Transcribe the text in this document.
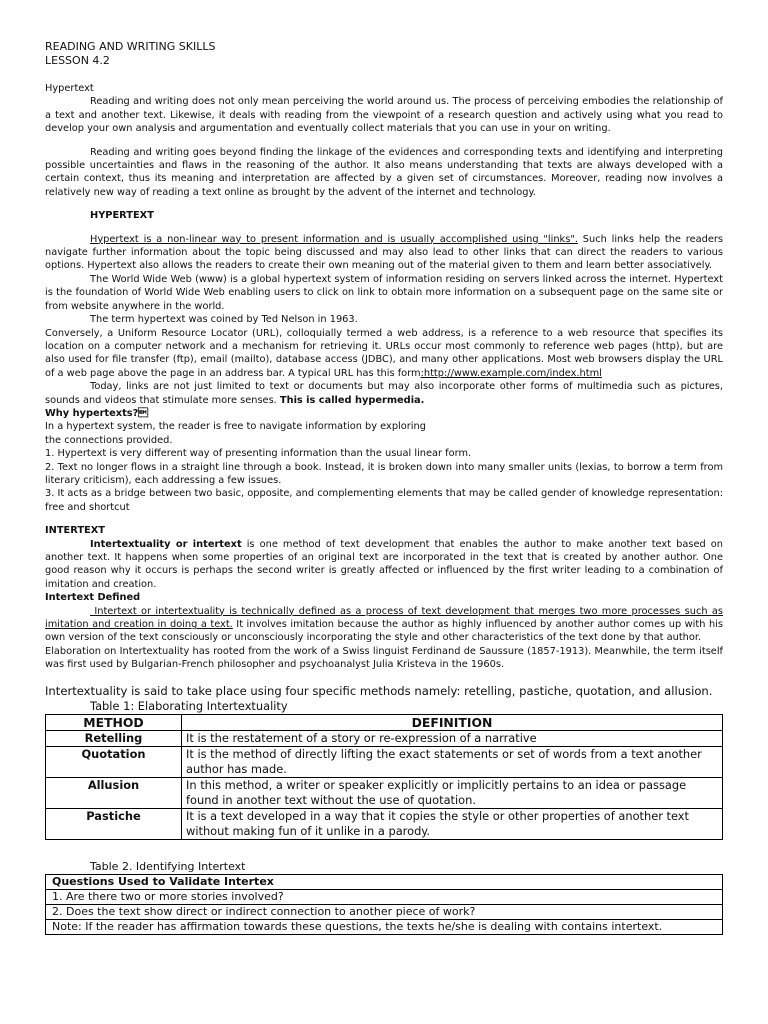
READING AND WRITING SKILLS
LESSON 4.2

Hypertext

Reading and writing does not only mean perceiving the world around us. The process of perceiving embodies the relationship of a text and another text. Likewise, it deals with reading from the viewpoint of a research question and actively using what you read to develop your own analysis and argumentation and eventually collect materials that you can use in your on writing.

Reading and writing goes beyond finding the linkage of the evidences and corresponding texts and identifying and interpreting possible uncertainties and flaws in the reasoning of the author. It also means understanding that texts are always developed with a certain context, thus its meaning and interpretation are affected by a given set of circumstances. Moreover, reading now involves a relatively new way of reading a text online as brought by the advent of the internet and technology.

HYPERTEXT

Hypertext is a non-linear way to present information and is usually accomplished using "links". Such links help the readers navigate further information about the topic being discussed and may also lead to other links that can direct the readers to various options. Hypertext also allows the readers to create their own meaning out of the material given to them and learn better associatively.

The World Wide Web (www) is a global hypertext system of information residing on servers linked across the internet. Hypertext is the foundation of World Wide Web enabling users to click on link to obtain more information on a subsequent page on the same site or from website anywhere in the world.

The term hypertext was coined by Ted Nelson in 1963.

Conversely, a Uniform Resource Locator (URL), colloquially termed a web address, is a reference to a web resource that specifies its location on a computer network and a mechanism for retrieving it. URLs occur most commonly to reference web pages (http), but are also used for file transfer (ftp), email (mailto), database access (JDBC), and many other applications. Most web browsers display the URL of a web page above the page in an address bar. A typical URL has this form:http://www.example.com/index.html

Today, links are not just limited to text or documents but may also incorporate other forms of multimedia such as pictures, sounds and videos that stimulate more senses. This is called hypermedia.

Why hypertexts?

In a hypertext system, the reader is free to navigate information by exploring

the connections provided.

1. Hypertext is very different way of presenting information than the usual linear form.

2. Text no longer flows in a straight line through a book. Instead, it is broken down into many smaller units (lexias, to borrow a term from literary criticism), each addressing a few issues.

3. It acts as a bridge between two basic, opposite, and complementing elements that may be called gender of knowledge representation: free and shortcut

INTERTEXT

Intertextuality or intertext is one method of text development that enables the author to make another text based on another text. It happens when some properties of an original text are incorporated in the text that is created by another author. One good reason why it occurs is perhaps the second writer is greatly affected or influenced by the first writer leading to a combination of imitation and creation.

Intertext Defined

Intertext or intertextuality is technically defined as a process of text development that merges two more processes such as imitation and creation in doing a text. It involves imitation because the author as highly influenced by another author comes up with his own version of the text consciously or unconsciously incorporating the style and other characteristics of the text done by that author.

Elaboration on Intertextuality has rooted from the work of a Swiss linguist Ferdinand de Saussure (1857-1913). Meanwhile, the term itself was first used by Bulgarian-French philosopher and psychoanalyst Julia Kristeva in the 1960s.

Intertextuality is said to take place using four specific methods namely: retelling, pastiche, quotation, and allusion.

Table 1: Elaborating Intertextuality
METHOD	DEFINITION
Retelling	It is the restatement of a story or re-expression of a narrative
Quotation	It is the method of directly lifting the exact statements or set of words from a text another author has made.
Allusion	In this method, a writer or speaker explicitly or implicitly pertains to an idea or passage found in another text without the use of quotation.
Pastiche	It is a text developed in a way that it copies the style or other properties of another text without making fun of it unlike in a parody.
Table 2. Identifying Intertext
Questions Used to Validate Intertex
1. Are there two or more stories involved?
2. Does the text show direct or indirect connection to another piece of work?
Note: If the reader has affirmation towards these questions, the texts he/she is dealing with contains intertext.
